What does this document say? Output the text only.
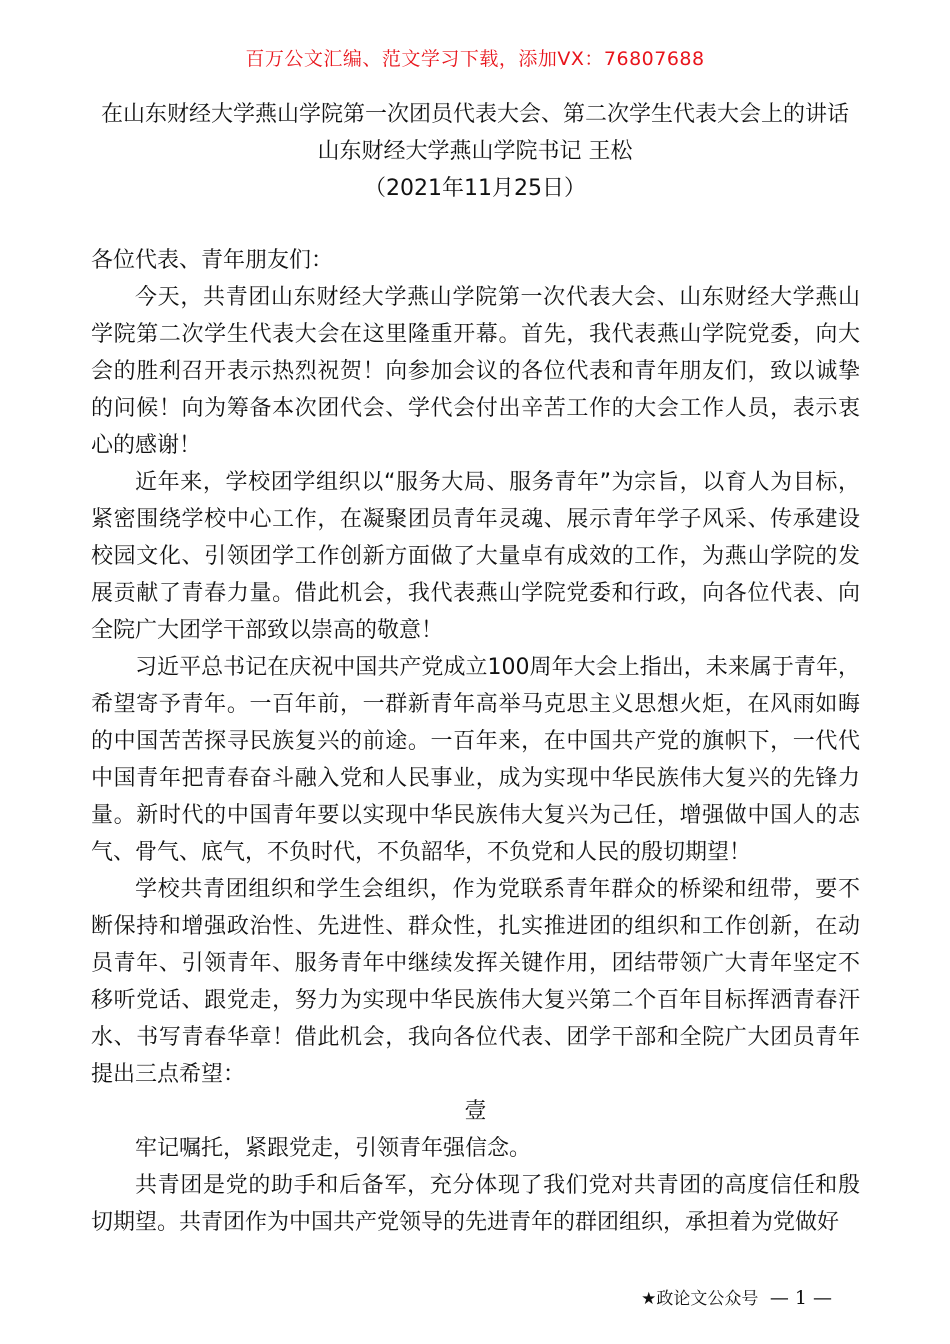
百万公文汇编、范文学习下载，添加VX：76807688
在山东财经大学燕山学院第一次团员代表大会、第二次学生代表大会上的讲话
山东财经大学燕山学院书记 王松
（2021年11月25日）

各位代表、青年朋友们：

今天，共青团山东财经大学燕山学院第一次代表大会、山东财经大学燕山学院第二次学生代表大会在这里隆重开幕。首先，我代表燕山学院党委，向大会的胜利召开表示热烈祝贺！向参加会议的各位代表和青年朋友们，致以诚挚的问候！向为筹备本次团代会、学代会付出辛苦工作的大会工作人员，表示衷心的感谢！

近年来，学校团学组织以“服务大局、服务青年”为宗旨，以育人为目标，紧密围绕学校中心工作，在凝聚团员青年灵魂、展示青年学子风采、传承建设校园文化、引领团学工作创新方面做了大量卓有成效的工作，为燕山学院的发展贡献了青春力量。借此机会，我代表燕山学院党委和行政，向各位代表、向全院广大团学干部致以崇高的敬意！

习近平总书记在庆祝中国共产党成立100周年大会上指出，未来属于青年，希望寄予青年。一百年前，一群新青年高举马克思主义思想火炬，在风雨如晦的中国苦苦探寻民族复兴的前途。一百年来，在中国共产党的旗帜下，一代代中国青年把青春奋斗融入党和人民事业，成为实现中华民族伟大复兴的先锋力量。新时代的中国青年要以实现中华民族伟大复兴为己任，增强做中国人的志气、骨气、底气，不负时代，不负韶华，不负党和人民的殷切期望！

学校共青团组织和学生会组织，作为党联系青年群众的桥梁和纽带，要不断保持和增强政治性、先进性、群众性，扎实推进团的组织和工作创新，在动员青年、引领青年、服务青年中继续发挥关键作用，团结带领广大青年坚定不移听党话、跟党走，努力为实现中华民族伟大复兴第二个百年目标挥洒青春汗水、书写青春华章！借此机会，我向各位代表、团学干部和全院广大团员青年提出三点希望：

壹

牢记嘱托，紧跟党走，引领青年强信念。

共青团是党的助手和后备军，充分体现了我们党对共青团的高度信任和殷切期望。共青团作为中国共产党领导的先进青年的群团组织，承担着为党做好

★政论文公众号 — 1 —
